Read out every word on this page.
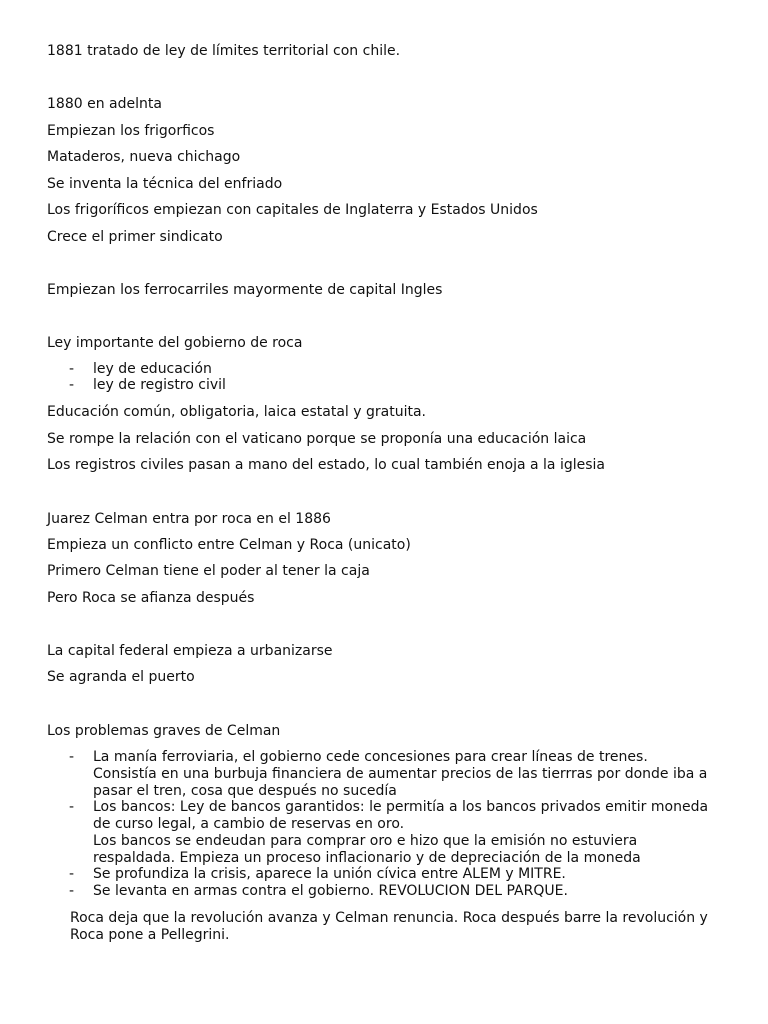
1881 tratado de ley de límites territorial con chile.
1880 en adelnta
Empiezan los frigorficos
Mataderos, nueva chichago
Se inventa la técnica del enfriado
Los frigoríficos empiezan con capitales de Inglaterra y Estados Unidos
Crece el primer sindicato
Empiezan los ferrocarriles mayormente de capital Ingles
Ley importante del gobierno de roca
- ley de educación
- ley de registro civil
Educación común, obligatoria, laica estatal y gratuita.
Se rompe la relación con el vaticano porque se proponía una educación laica
Los registros civiles pasan a mano del estado, lo cual también enoja a la iglesia
Juarez Celman entra por roca en el 1886
Empieza un conflicto entre Celman y Roca (unicato)
Primero Celman tiene el poder al tener la caja
Pero Roca se afianza después
La capital federal empieza a urbanizarse
Se agranda el puerto
Los problemas graves de Celman
- La manía ferroviaria, el gobierno cede concesiones para crear líneas de trenes.
Consistía en una burbuja financiera de aumentar precios de las tierrras por donde iba a
pasar el tren, cosa que después no sucedía
- Los bancos: Ley de bancos garantidos: le permitía a los bancos privados emitir moneda
de curso legal, a cambio de reservas en oro.
Los bancos se endeudan para comprar oro e hizo que la emisión no estuviera
respaldada. Empieza un proceso inflacionario y de depreciación de la moneda
- Se profundiza la crisis, aparece la unión cívica entre ALEM y MITRE.
- Se levanta en armas contra el gobierno. REVOLUCION DEL PARQUE.
Roca deja que la revolución avanza y Celman renuncia. Roca después barre la revolución y
Roca pone a Pellegrini.
